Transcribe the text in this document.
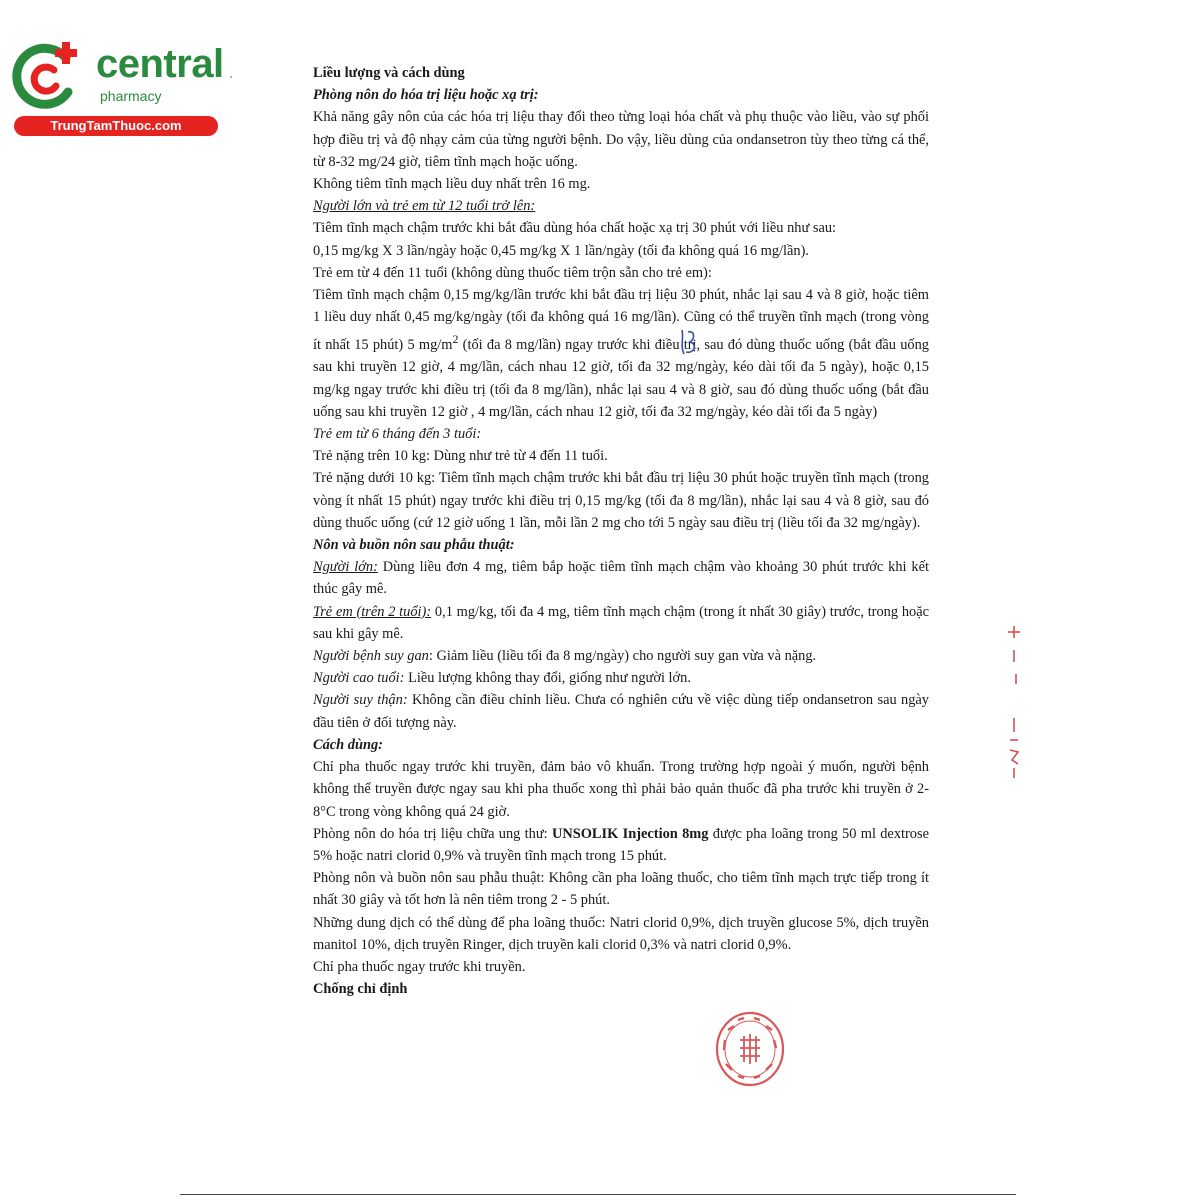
central
pharmacy
TrungTamThuoc.com

Liều lượng và cách dùng

Phòng nôn do hóa trị liệu hoặc xạ trị:

Khả năng gây nôn của các hóa trị liệu thay đổi theo từng loại hóa chất và phụ thuộc vào liều, vào sự phối hợp điều trị và độ nhạy cảm của từng người bệnh. Do vậy, liều dùng của ondansetron tùy theo từng cá thể, từ 8-32 mg/24 giờ, tiêm tĩnh mạch hoặc uống.

Không tiêm tĩnh mạch liều duy nhất trên 16 mg.

Người lớn và trẻ em từ 12 tuổi trở lên:

Tiêm tĩnh mạch chậm trước khi bắt đầu dùng hóa chất hoặc xạ trị 30 phút với liều như sau:

0,15 mg/kg X 3 lần/ngày hoặc 0,45 mg/kg X 1 lần/ngày (tối đa không quá 16 mg/lần).

Trẻ em từ 4 đến 11 tuổi (không dùng thuốc tiêm trộn sẵn cho trẻ em):

Tiêm tĩnh mạch chậm 0,15 mg/kg/lần trước khi bắt đầu trị liệu 30 phút, nhắc lại sau 4 và 8 giờ, hoặc tiêm 1 liều duy nhất 0,45 mg/kg/ngày (tối đa không quá 16 mg/lần). Cũng có thể truyền tĩnh mạch (trong vòng ít nhất 15 phút) 5 $mg/m^2$ (tối đa 8 mg/lần) ngay trước khi điều trị, sau đó dùng thuốc uống (bắt đầu uống sau khi truyền 12 giờ, 4 mg/lần, cách nhau 12 giờ, tối đa 32 mg/ngày, kéo dài tối đa 5 ngày), hoặc 0,15 mg/kg ngay trước khi điều trị (tối đa 8 mg/lần), nhắc lại sau 4 và 8 giờ, sau đó dùng thuốc uống (bắt đầu uống sau khi truyền 12 giờ , 4 mg/lần, cách nhau 12 giờ, tối đa 32 mg/ngày, kéo dài tối đa 5 ngày)

Trẻ em từ 6 tháng đến 3 tuổi:

Trẻ nặng trên 10 kg: Dùng như trẻ từ 4 đến 11 tuổi.

Trẻ nặng dưới 10 kg: Tiêm tĩnh mạch chậm trước khi bắt đầu trị liệu 30 phút hoặc truyền tĩnh mạch (trong vòng ít nhất 15 phút) ngay trước khi điều trị 0,15 mg/kg (tối đa 8 mg/lần), nhắc lại sau 4 và 8 giờ, sau đó dùng thuốc uống (cứ 12 giờ uống 1 lần, mỗi lần 2 mg cho tới 5 ngày sau điều trị (liều tối đa 32 mg/ngày).

Nôn và buồn nôn sau phẫu thuật:

Người lớn: Dùng liều đơn 4 mg, tiêm bắp hoặc tiêm tĩnh mạch chậm vào khoảng 30 phút trước khi kết thúc gây mê.

Trẻ em (trên 2 tuổi): 0,1 mg/kg, tối đa 4 mg, tiêm tĩnh mạch chậm (trong ít nhất 30 giây) trước, trong hoặc sau khi gây mê.

Người bệnh suy gan: Giảm liều (liều tối đa 8 mg/ngày) cho người suy gan vừa và nặng.

Người cao tuổi: Liều lượng không thay đổi, giống như người lớn.

Người suy thận: Không cần điều chỉnh liều. Chưa có nghiên cứu về việc dùng tiếp ondansetron sau ngày đầu tiên ở đối tượng này.

Cách dùng:

Chỉ pha thuốc ngay trước khi truyền, đảm bảo vô khuẩn. Trong trường hợp ngoài ý muốn, người bệnh không thể truyền được ngay sau khi pha thuốc xong thì phải bảo quản thuốc đã pha trước khi truyền ở 2-8°C trong vòng không quá 24 giờ.

Phòng nôn do hóa trị liệu chữa ung thư: UNSOLIK Injection 8mg được pha loãng trong 50 ml dextrose 5% hoặc natri clorid 0,9% và truyền tĩnh mạch trong 15 phút.

Phòng nôn và buồn nôn sau phẫu thuật: Không cần pha loãng thuốc, cho tiêm tĩnh mạch trực tiếp trong ít nhất 30 giây và tốt hơn là nên tiêm trong 2 - 5 phút.

Những dung dịch có thể dùng để pha loãng thuốc: Natri clorid 0,9%, dịch truyền glucose 5%, dịch truyền manitol 10%, dịch truyền Ringer, dịch truyền kali clorid 0,3% và natri clorid 0,9%.

Chỉ pha thuốc ngay trước khi truyền.

Chống chỉ định
